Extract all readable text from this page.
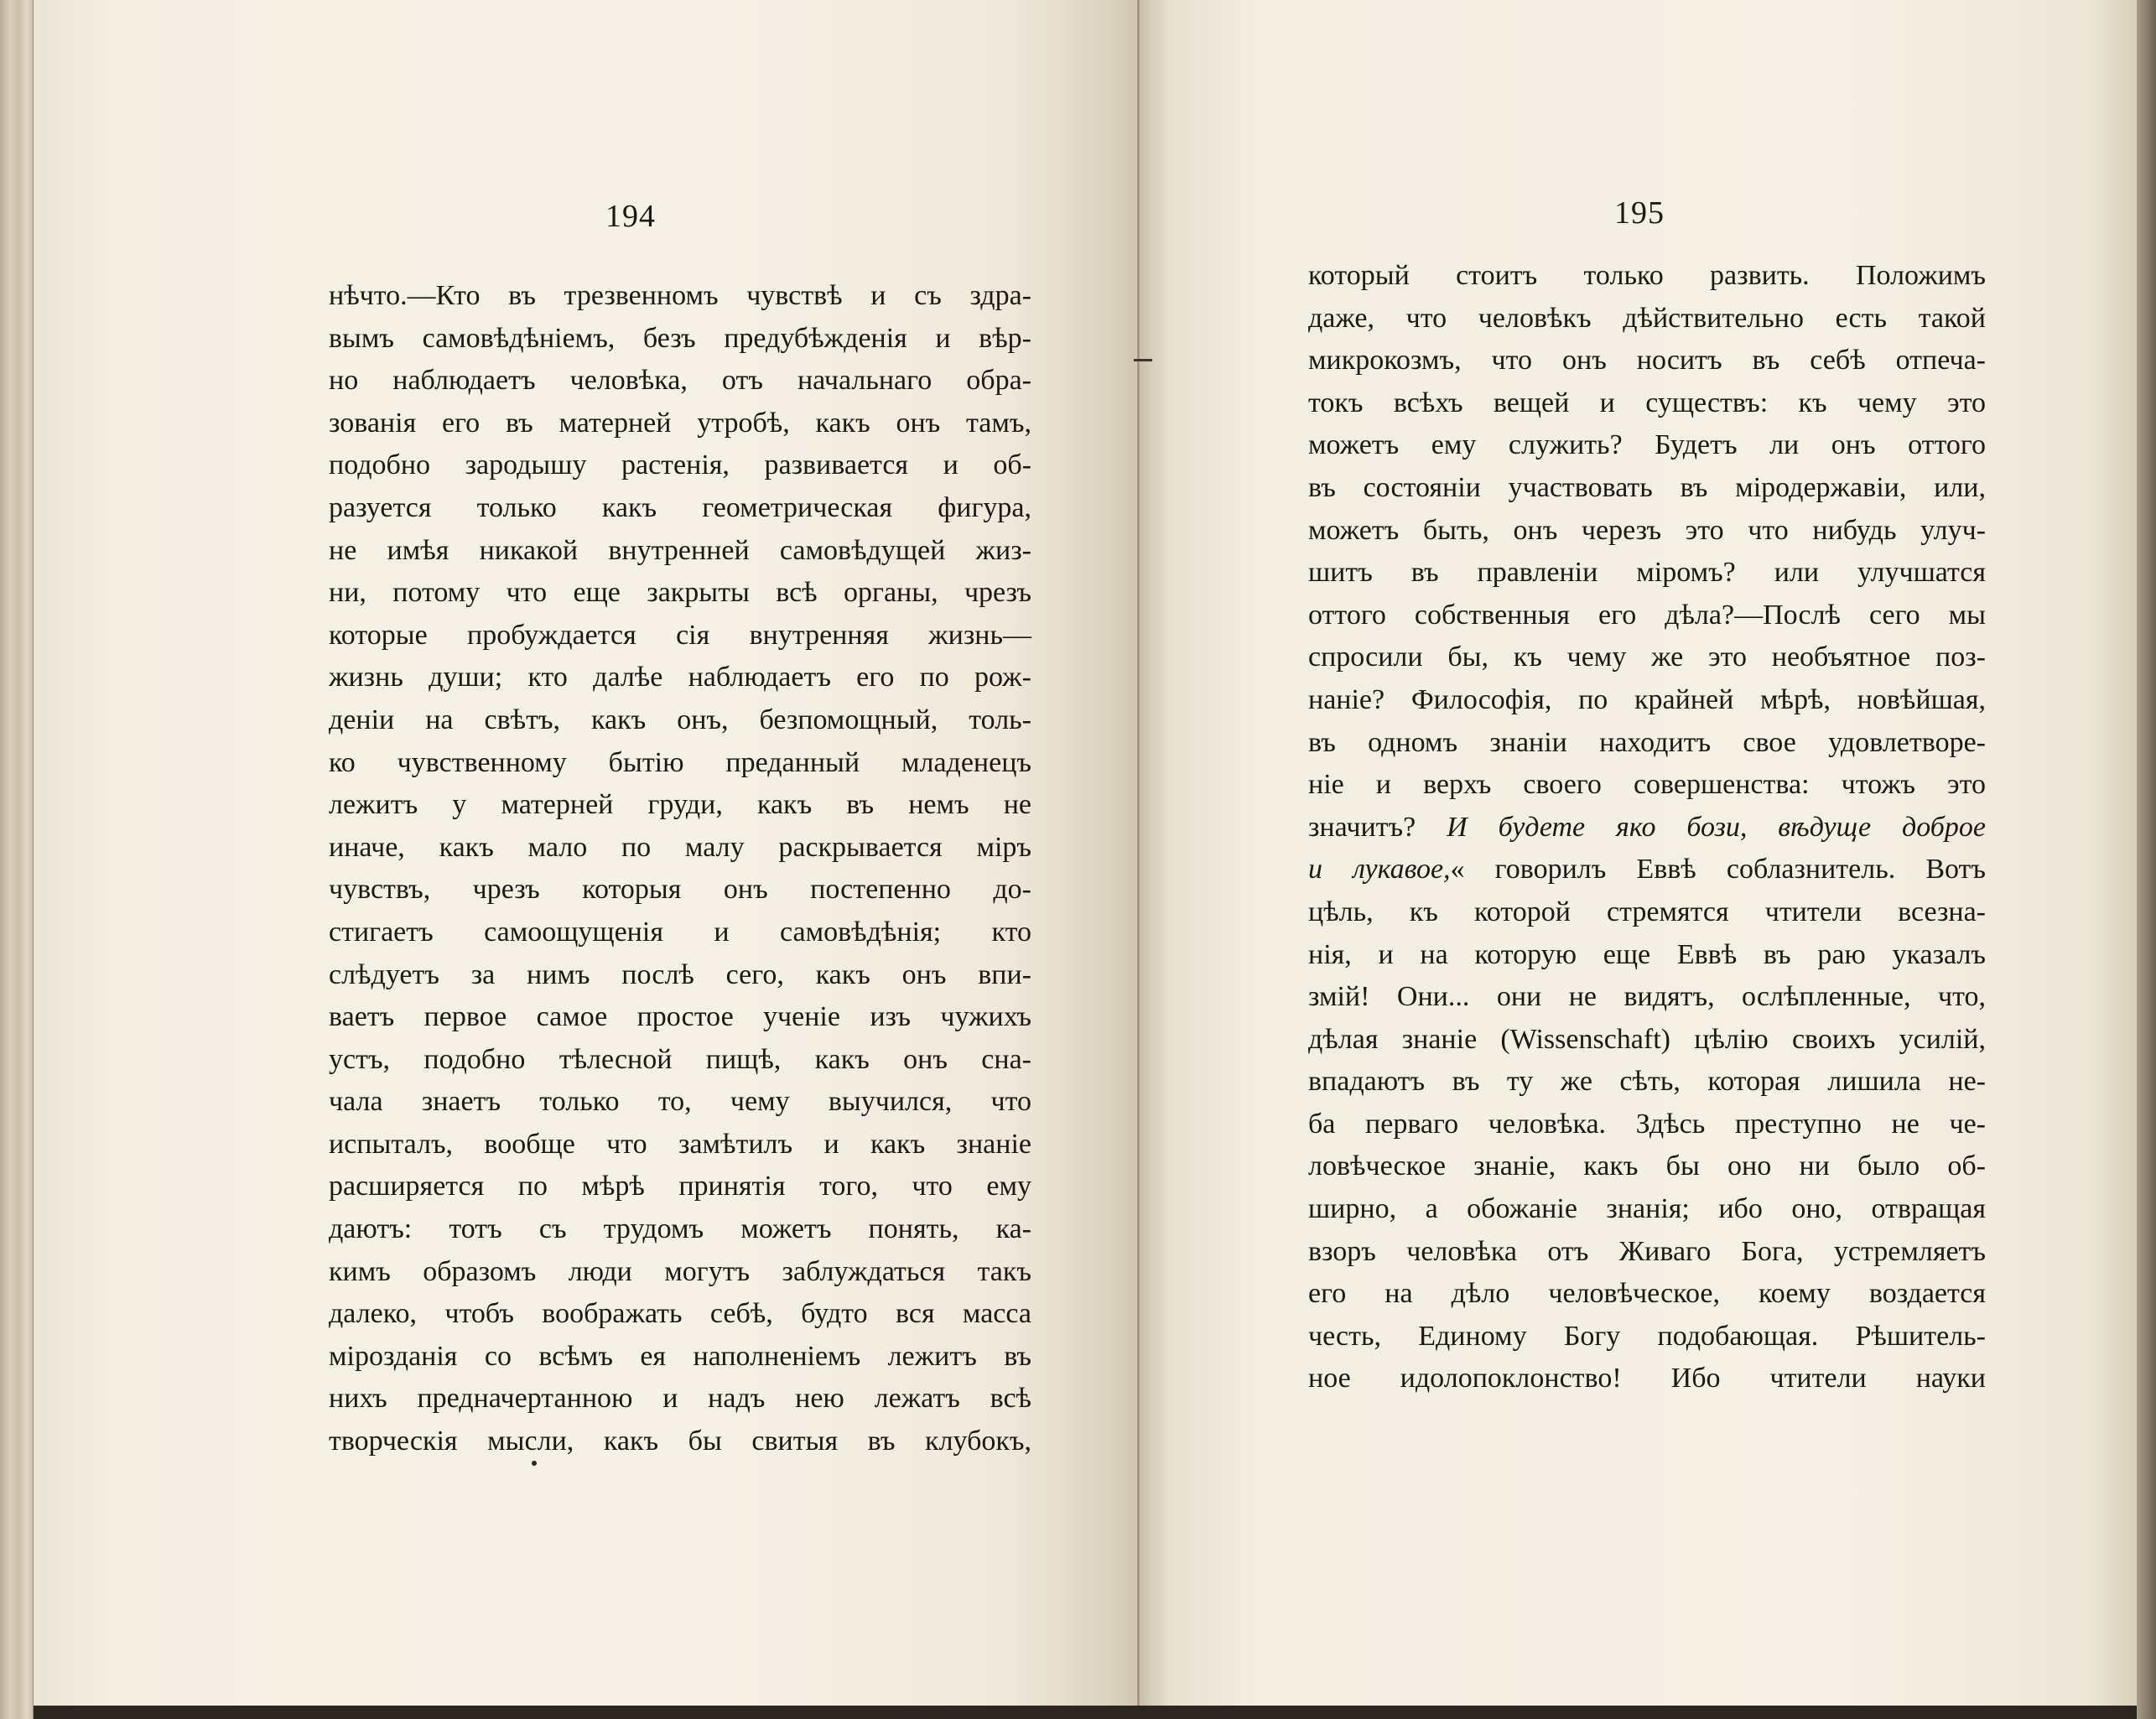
194	195
нѣчто.—Кто въ трезвенномъ чувствѣ и съ здра-
вымъ самовѣдѣніемъ, безъ предубѣжденія и вѣр-
но наблюдаетъ человѣка, отъ начальнаго обра-
зованія его въ матерней утробѣ, какъ онъ тамъ,
подобно зародышу растенія, развивается и об-
разуется только какъ геометрическая фигура,
не имѣя никакой внутренней самовѣдущей жиз-
ни, потому что еще закрыты всѣ органы, чрезъ
которые пробуждается сія внутренняя жизнь—
жизнь души; кто далѣе наблюдаетъ его по рож-
деніи на свѣтъ, какъ онъ, безпомощный, толь-
ко чувственному бытію преданный младенецъ
лежитъ у матерней груди, какъ въ немъ не
иначе, какъ мало по малу раскрывается міръ
чувствъ, чрезъ которыя онъ постепенно до-
стигаетъ самоощущенія и самовѣдѣнія; кто
слѣдуетъ за нимъ послѣ сего, какъ онъ впи-
ваетъ первое самое простое ученіе изъ чужихъ
устъ, подобно тѣлесной пищѣ, какъ онъ сна-
чала знаетъ только то, чему выучился, что
испыталъ, вообще что замѣтилъ и какъ знаніе
расширяется по мѣрѣ принятія того, что ему
даютъ: тотъ съ трудомъ можетъ понять, ка-
кимъ образомъ люди могутъ заблуждаться такъ
далеко, чтобъ воображать себѣ, будто вся масса
мірозданія со всѣмъ ея наполненіемъ лежитъ въ
нихъ предначертанною и надъ нею лежатъ всѣ
творческія мысли, какъ бы свитыя въ клубокъ,
который стоитъ только развить. Положимъ
даже, что человѣкъ дѣйствительно есть такой
микрокозмъ, что онъ носитъ въ себѣ отпеча-
токъ всѣхъ вещей и существъ: къ чему это
можетъ ему служить? Будетъ ли онъ оттого
въ состояніи участвовать въ міродержавіи, или,
можетъ быть, онъ черезъ это что нибудь улуч-
шитъ въ правленіи міромъ? или улучшатся
оттого собственныя его дѣла?—Послѣ сего мы
спросили бы, къ чему же это необъятное поз-
наніе? Философія, по крайней мѣрѣ, новѣйшая,
въ одномъ знаніи находитъ свое удовлетворе-
ніе и верхъ своего совершенства: чтожъ это
значитъ? И будете яко бози, вѣдуще доброе
и лукавое,« говорилъ Еввѣ соблазнитель. Вотъ
цѣль, къ которой стремятся чтители всезна-
нія, и на которую еще Еввѣ въ раю указалъ
змій! Они... они не видятъ, ослѣпленные, что,
дѣлая знаніе (Wissenschaft) цѣлію своихъ усилій,
впадаютъ въ ту же сѣть, которая лишила не-
ба перваго человѣка. Здѣсь преступно не че-
ловѣческое знаніе, какъ бы оно ни было об-
ширно, а обожаніе знанія; ибо оно, отвращая
взоръ человѣка отъ Живаго Бога, устремляетъ
его на дѣло человѣческое, коему воздается
честь, Единому Богу подобающая. Рѣшитель-
ное идолопоклонство! Ибо чтители науки
